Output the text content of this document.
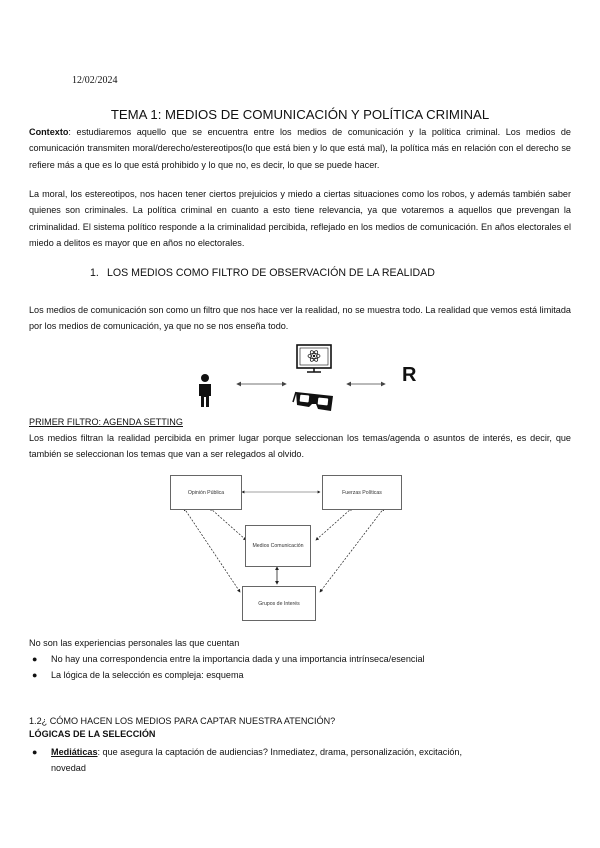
12/02/2024
TEMA 1: MEDIOS DE COMUNICACIÓN Y POLÍTICA CRIMINAL
Contexto: estudiaremos aquello que se encuentra entre los medios de comunicación y la política criminal. Los medios de comunicación transmiten moral/derecho/estereotipos(lo que está bien y lo que está mal), la política más en relación con el derecho se refiere más a que es lo que está prohibido y lo que no, es decir, lo que se puede hacer.
La moral, los estereotipos, nos hacen tener ciertos prejuicios y miedo a ciertas situaciones como los robos, y además también saber quienes son criminales. La política criminal en cuanto a esto tiene relevancia, ya que votaremos a aquellos que prevengan la criminalidad. El sistema político responde a la criminalidad percibida, reflejado en los medios de comunicación. En años electorales el miedo a delitos es mayor que en años no electorales.
1. LOS MEDIOS COMO FILTRO DE OBSERVACIÓN DE LA REALIDAD
Los medios de comunicación son como un filtro que nos hace ver la realidad, no se muestra todo. La realidad que vemos está limitada por los medios de comunicación, ya que no se nos enseña todo.
R
PRIMER FILTRO: AGENDA SETTING
Los medios filtran la realidad percibida en primer lugar porque seleccionan los temas/agenda o asuntos de interés, es decir, que también se seleccionan los temas que van a ser relegados al olvido.
Opinión Pública	Fuerzas Políticas
Medios Comunicación
Grupos de Interés
No son las experiencias personales las que cuentan
● No hay una correspondencia entre la importancia dada y una importancia intrínseca/esencial
● La lógica de la selección es compleja: esquema
1.2¿ CÓMO HACEN LOS MEDIOS PARA CAPTAR NUESTRA ATENCIÓN?
LÓGICAS DE LA SELECCIÓN
● Mediáticas: que asegura la captación de audiencias? Inmediatez, drama, personalización, excitación, novedad
